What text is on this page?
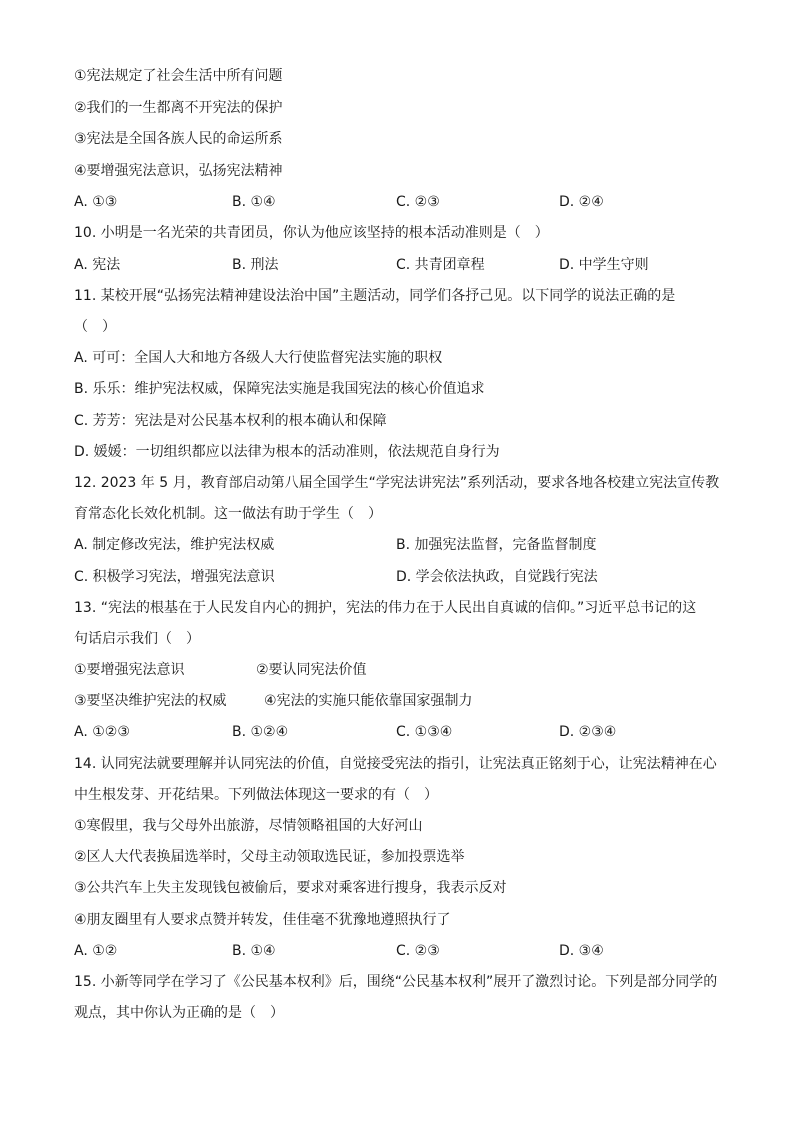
①宪法规定了社会生活中所有问题
②我们的一生都离不开宪法的保护
③宪法是全国各族人民的命运所系
④要增强宪法意识，弘扬宪法精神
A. ①③	B. ①④	C. ②③	D. ②④
10. 小明是一名光荣的共青团员，你认为他应该坚持的根本活动准则是（　）
A. 宪法	B. 刑法	C. 共青团章程	D. 中学生守则
11. 某校开展“弘扬宪法精神建设法治中国”主题活动，同学们各抒己见。以下同学的说法正确的是
（　）
A. 可可：全国人大和地方各级人大行使监督宪法实施的职权
B. 乐乐：维护宪法权威，保障宪法实施是我国宪法的核心价值追求
C. 芳芳：宪法是对公民基本权利的根本确认和保障
D. 媛媛：一切组织都应以法律为根本的活动准则，依法规范自身行为
12. 2023 年 5 月，教育部启动第八届全国学生“学宪法讲宪法”系列活动，要求各地各校建立宪法宣传教
育常态化长效化机制。这一做法有助于学生（　）
A. 制定修改宪法，维护宪法权威	B. 加强宪法监督，完备监督制度
C. 积极学习宪法，增强宪法意识	D. 学会依法执政，自觉践行宪法
13. “宪法的根基在于人民发自内心的拥护，宪法的伟力在于人民出自真诚的信仰。”习近平总书记的这
句话启示我们（　）
①要增强宪法意识	②要认同宪法价值
③要坚决维护宪法的权威	④宪法的实施只能依靠国家强制力
A. ①②③	B. ①②④	C. ①③④	D. ②③④
14. 认同宪法就要理解并认同宪法的价值，自觉接受宪法的指引，让宪法真正铭刻于心，让宪法精神在心
中生根发芽、开花结果。下列做法体现这一要求的有（　）
①寒假里，我与父母外出旅游，尽情领略祖国的大好河山
②区人大代表换届选举时，父母主动领取选民证，参加投票选举
③公共汽车上失主发现钱包被偷后，要求对乘客进行搜身，我表示反对
④朋友圈里有人要求点赞并转发，佳佳毫不犹豫地遵照执行了
A. ①②	B. ①④	C. ②③	D. ③④
15. 小新等同学在学习了《公民基本权利》后，围绕“公民基本权利”展开了激烈讨论。下列是部分同学的
观点，其中你认为正确的是（　）
